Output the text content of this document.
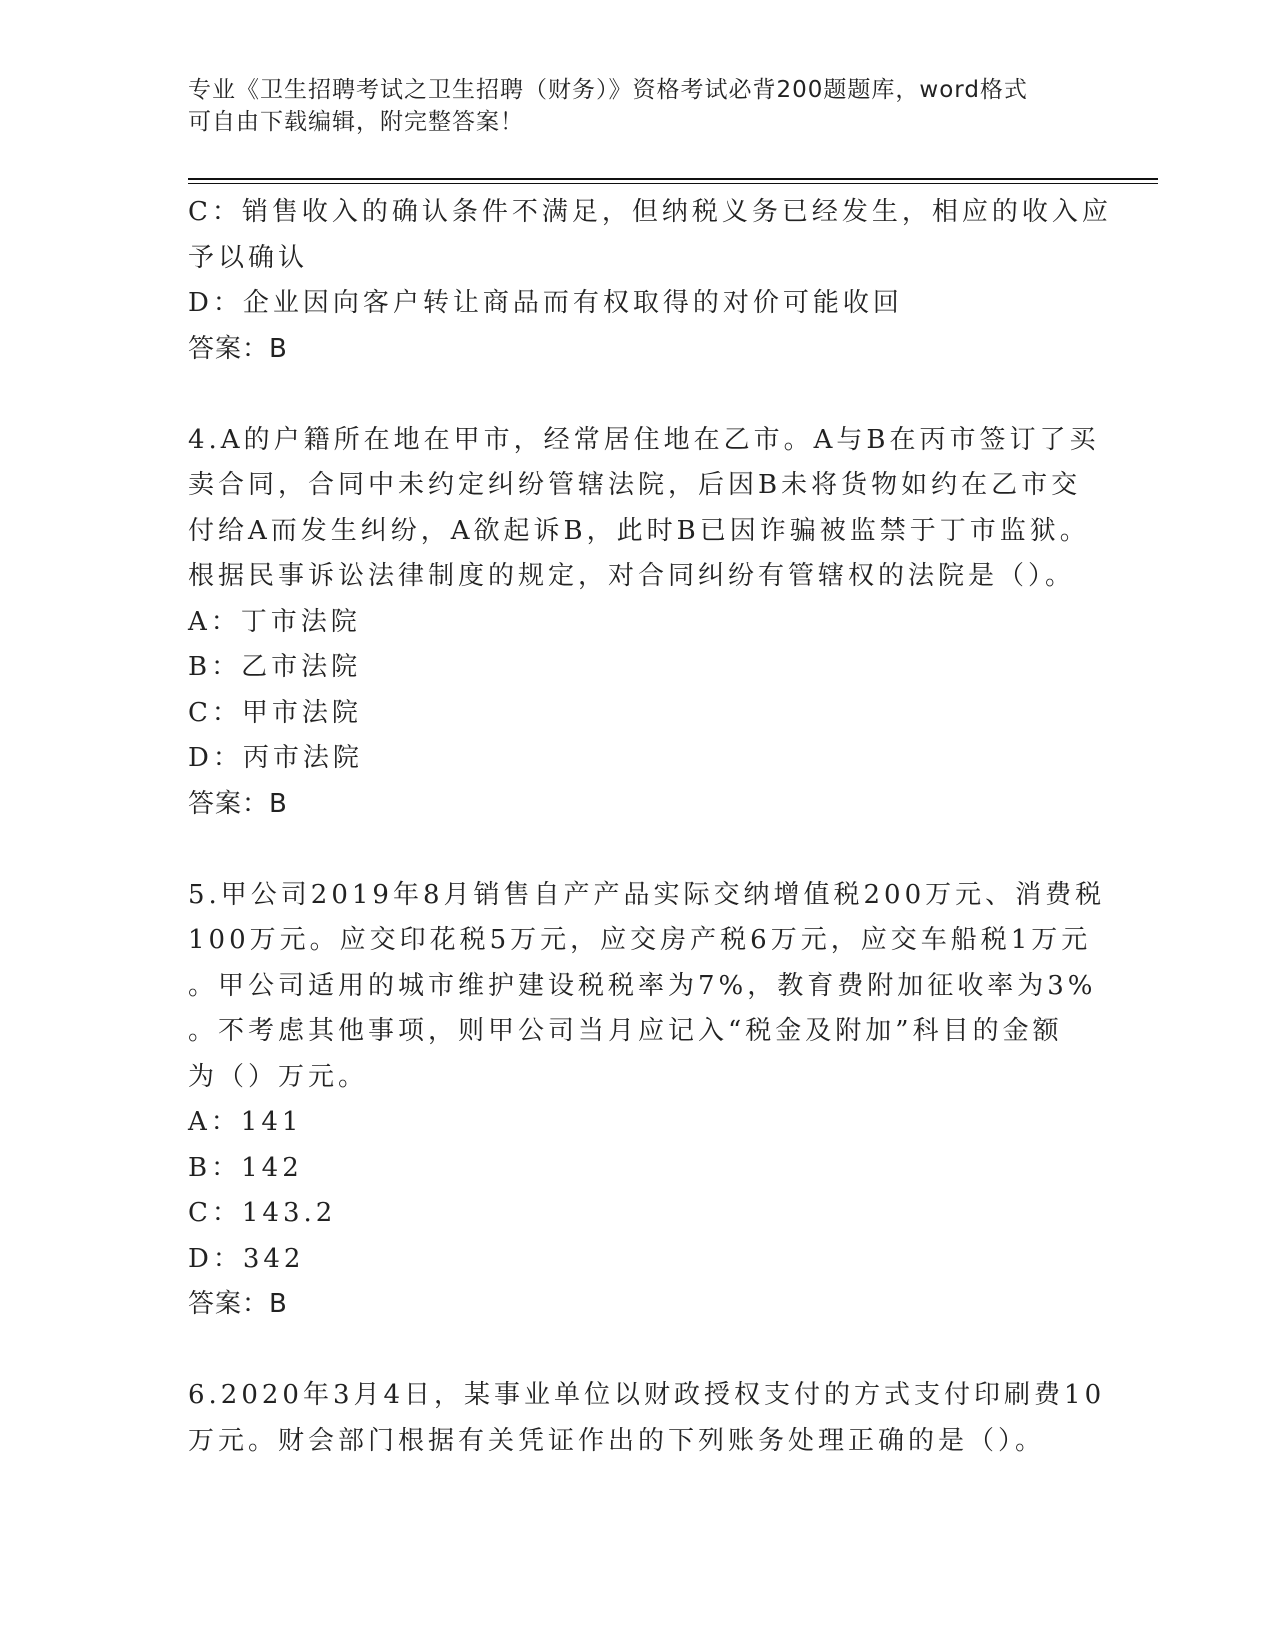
专业《卫生招聘考试之卫生招聘（财务）》资格考试必背200题题库，word格式
可自由下载编辑，附完整答案！
C：销售收入的确认条件不满足，但纳税义务已经发生，相应的收入应
予以确认
D：企业因向客户转让商品而有权取得的对价可能收回
答案：B
4.A的户籍所在地在甲市，经常居住地在乙市。A与B在丙市签订了买
卖合同，合同中未约定纠纷管辖法院，后因B未将货物如约在乙市交
付给A而发生纠纷，A欲起诉B，此时B已因诈骗被监禁于丁市监狱。
根据民事诉讼法律制度的规定，对合同纠纷有管辖权的法院是（）。
A：丁市法院
B：乙市法院
C：甲市法院
D：丙市法院
答案：B
5.甲公司2019年8月销售自产产品实际交纳增值税200万元、消费税
100万元。应交印花税5万元，应交房产税6万元，应交车船税1万元
。甲公司适用的城市维护建设税税率为7%，教育费附加征收率为3%
。不考虑其他事项，则甲公司当月应记入“税金及附加”科目的金额
为（）万元。
A：141
B：142
C：143.2
D：342
答案：B
6.2020年3月4日，某事业单位以财政授权支付的方式支付印刷费10
万元。财会部门根据有关凭证作出的下列账务处理正确的是（）。
